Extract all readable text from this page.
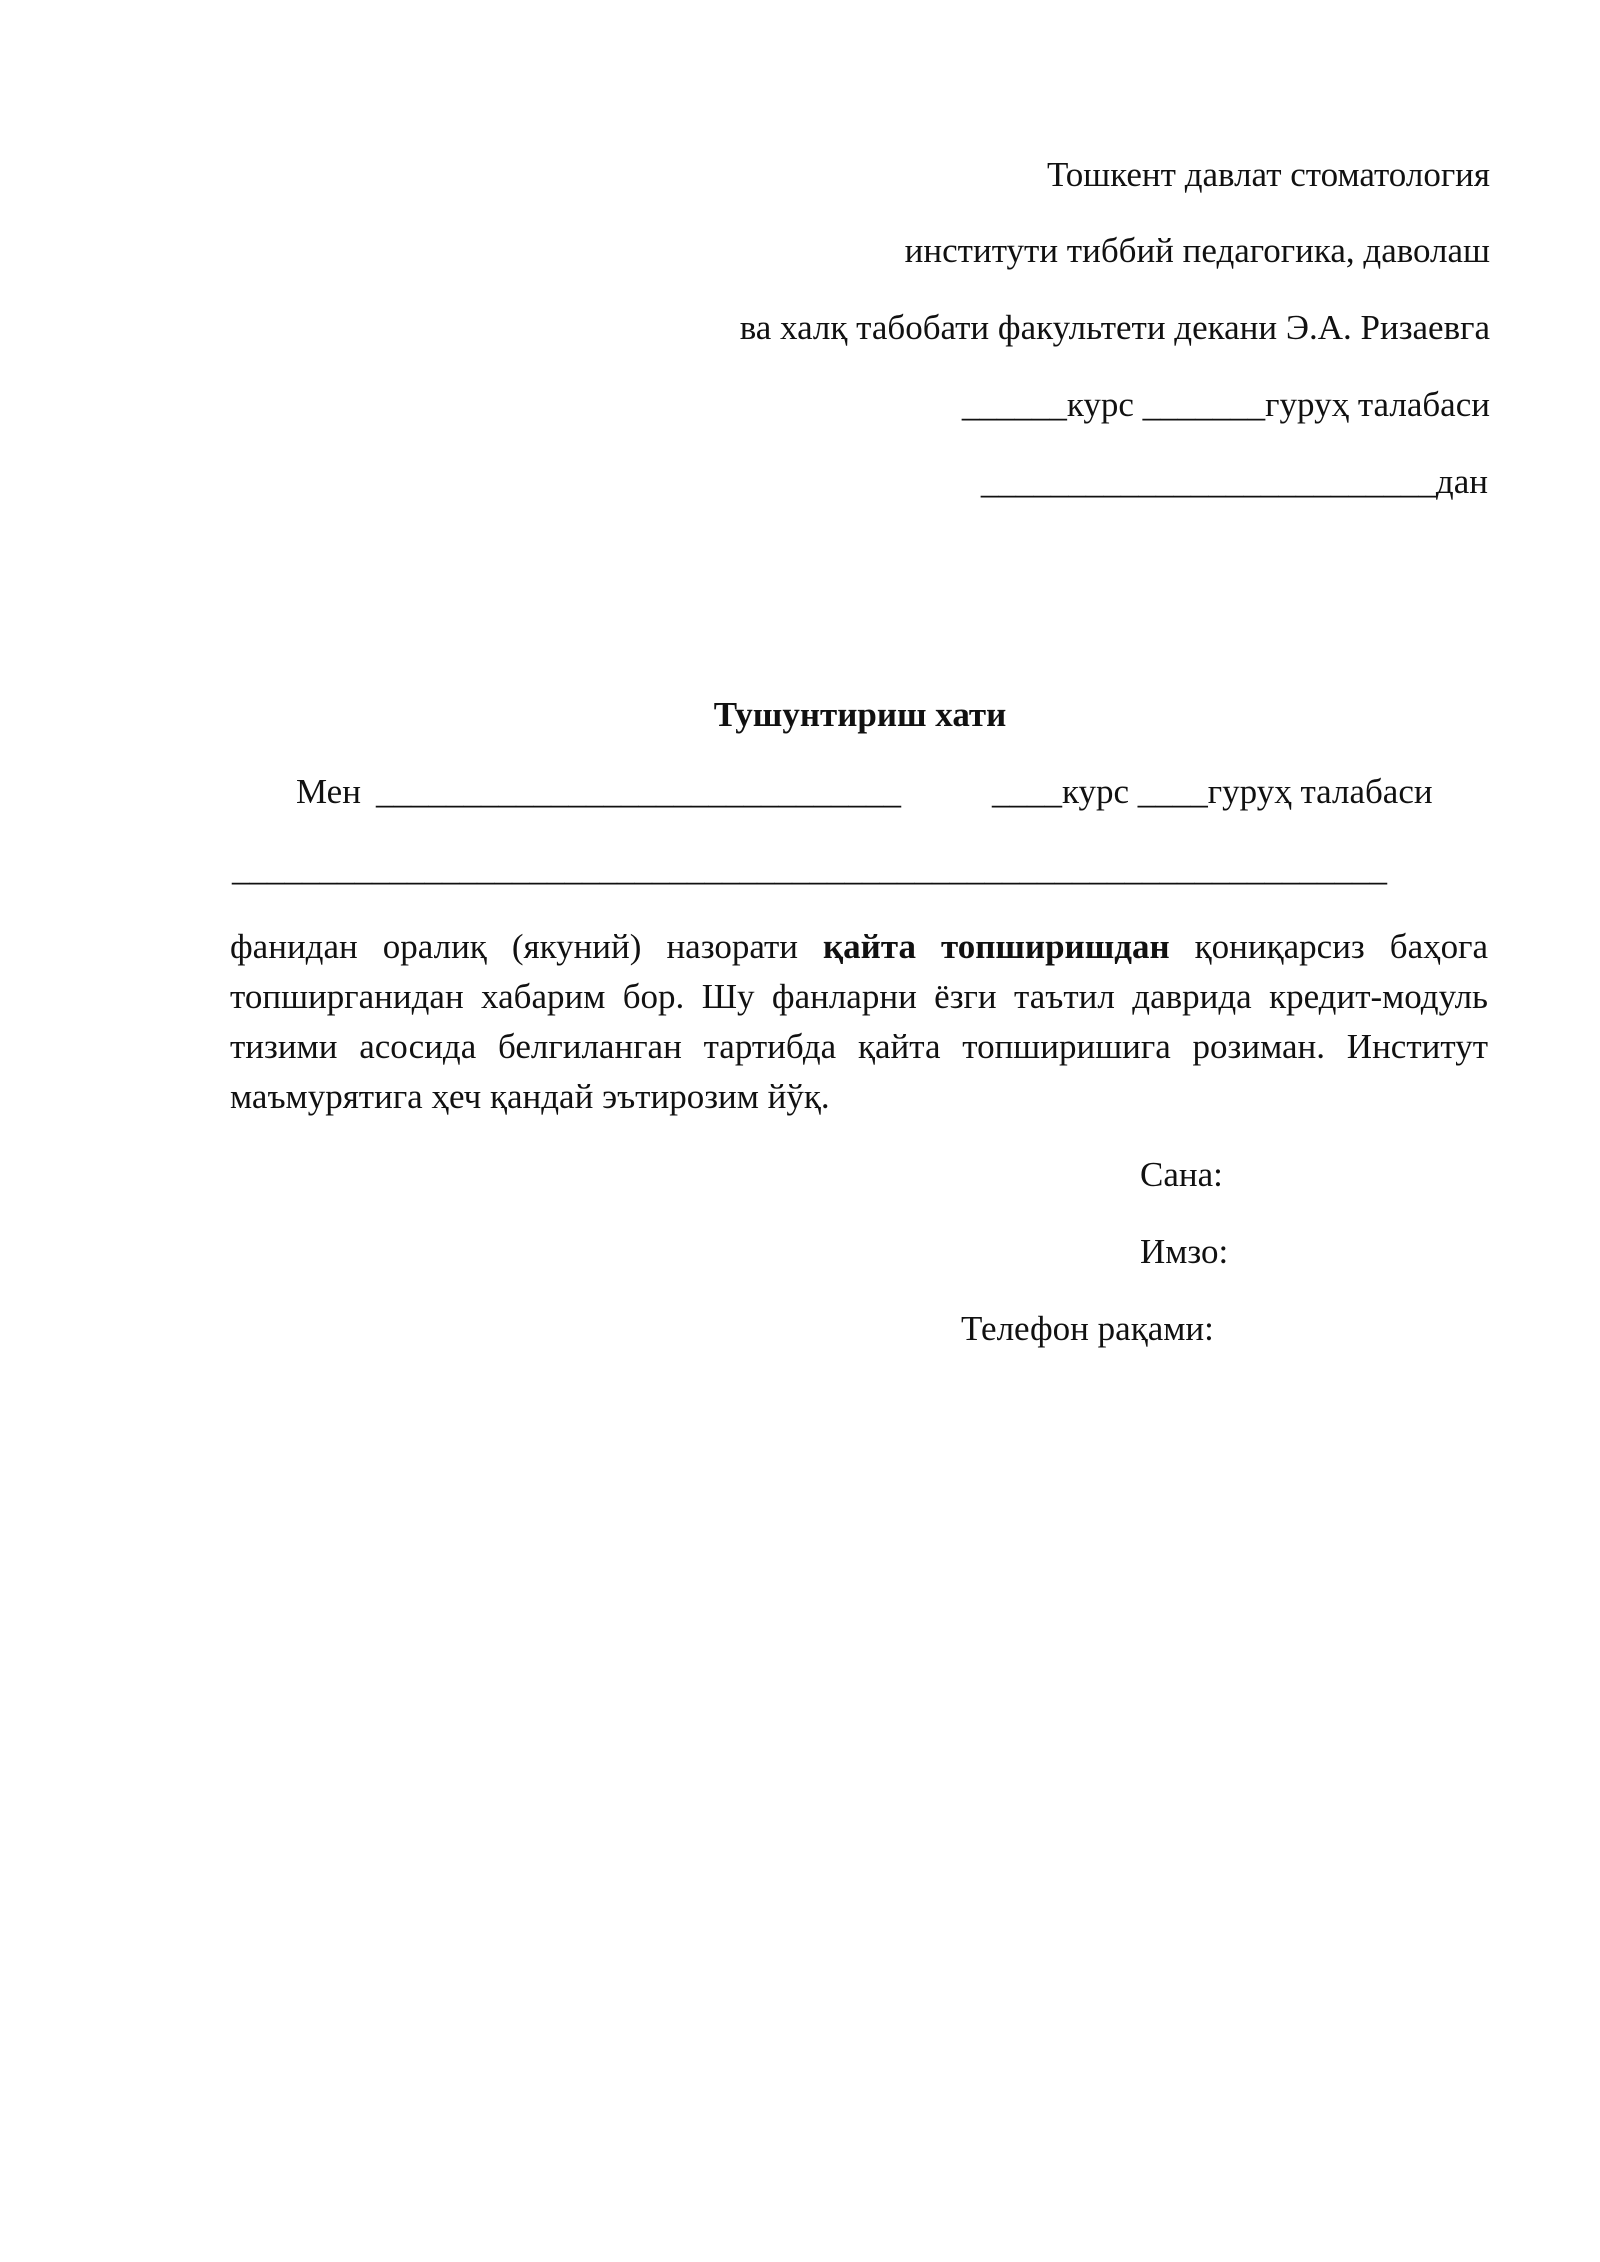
Тошкент давлат стоматология
институти тиббий педагогика, даволаш
ва халқ табобати факультети декани Э.А. Ризаевга
______курс _______гуруҳ талабаси
__________________________дан
Тушунтириш хати
Мен ______________________________	____курс ____гуруҳ талабаси
__________________________________________________________________
фанидан оралиқ (якуний) назорати қайта топширишдан қониқарсиз баҳога топширганидан хабарим бор. Шу фанларни ёзги таътил даврида кредит-модуль тизими асосида белгиланган тартибда қайта топширишига розиман. Институт маъмурятига ҳеч қандай эътирозим йўқ.
Сана:
Имзо:
Телефон рақами:
